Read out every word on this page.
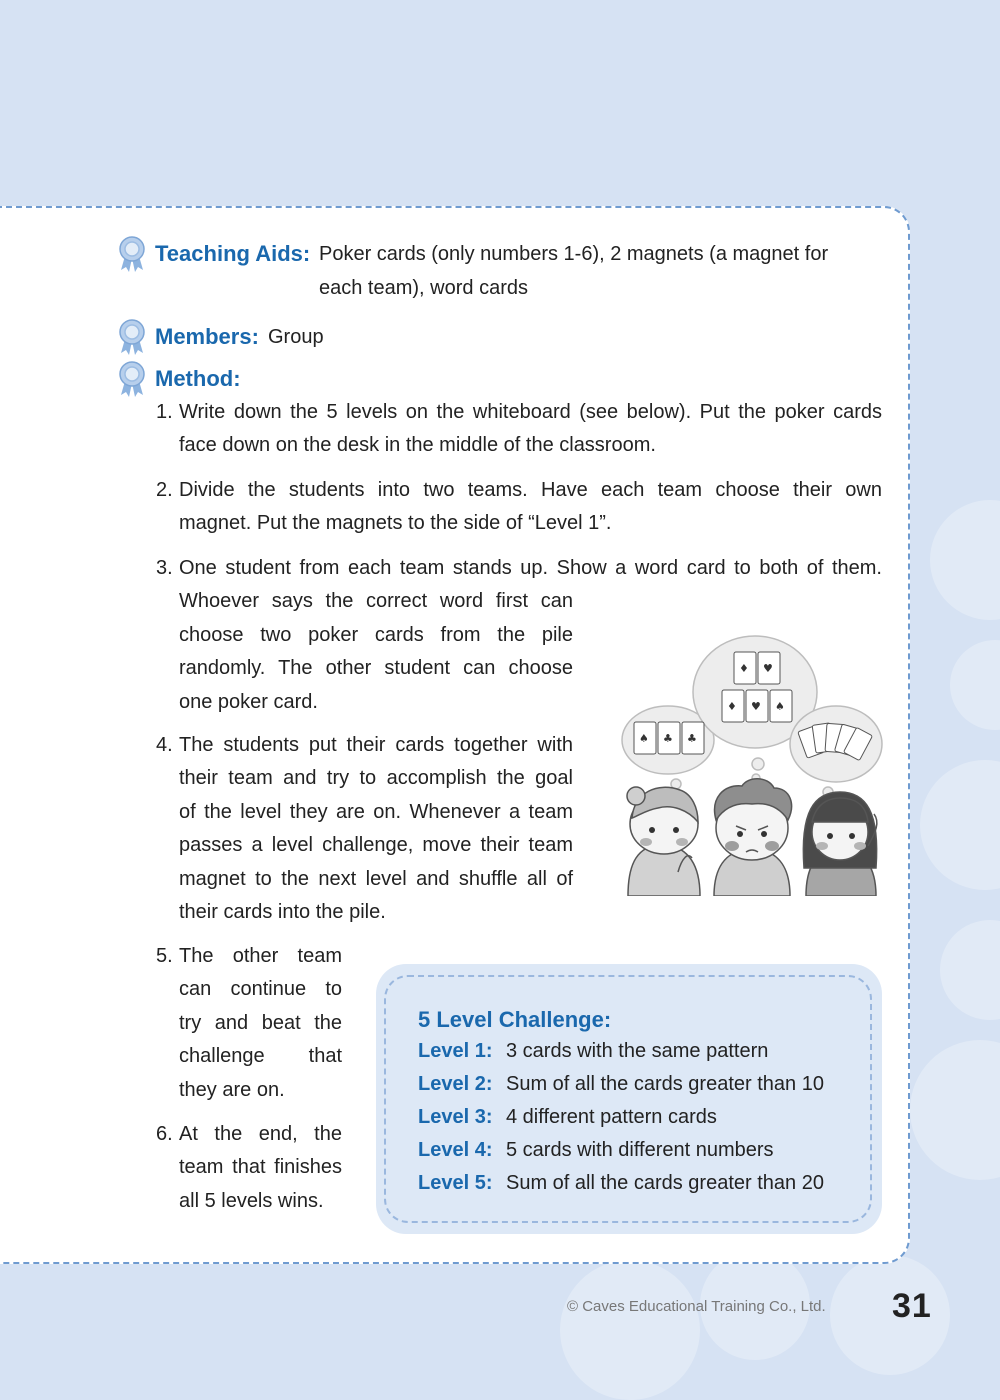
Teaching Aids: Poker cards (only numbers 1-6), 2 magnets (a magnet for
each team), word cards
Members: Group
Method:
1. Write down the 5 levels on the whiteboard (see below). Put the poker cards
face down on the desk in the middle of the classroom.
2. Divide the students into two teams. Have each team choose their own
magnet. Put the magnets to the side of “Level 1”.
3. One student from each team stands up. Show a word card to both of them.
Whoever says the correct word first can
choose two poker cards from the pile
randomly. The other student can choose
one poker card.
4. The students put their cards together with
their team and try to accomplish the goal
of the level they are on. Whenever a team
passes a level challenge, move their team
magnet to the next level and shuffle all of
their cards into the pile.
5. The other team
can continue to
try and beat the
challenge that
they are on.
6. At the end, the
team that finishes
all 5 levels wins.
♠ ♣ ♣
♦ ♥
♦ ♥ ♠
5 Level Challenge:
Level 1: 3 cards with the same pattern
Level 2: Sum of all the cards greater than 10
Level 3: 4 different pattern cards
Level 4: 5 cards with different numbers
Level 5: Sum of all the cards greater than 20
© Caves Educational Training Co., Ltd. 31
